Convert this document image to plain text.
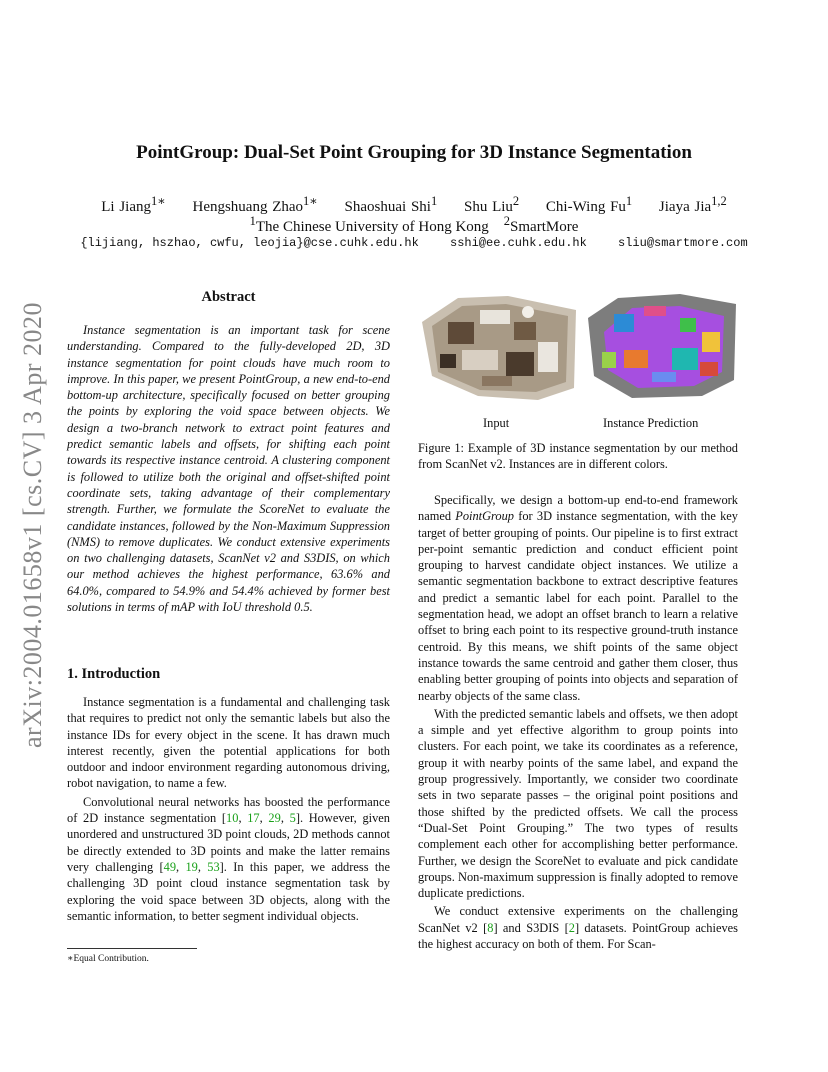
PointGroup: Dual-Set Point Grouping for 3D Instance Segmentation
Li Jiang$^{1∗}$ Hengshuang Zhao$^{1∗}$ Shaoshuai Shi$^1$ Shu Liu$^2$ Chi-Wing Fu$^1$ Jiaya Jia$^{1,2}$
$^1$The Chinese University of Hong Kong $^2$SmartMore
{lijiang, hszhao, cwfu, leojia}@cse.cuhk.edu.hk	sshi@ee.cuhk.edu.hk	sliu@smartmore.com
arXiv:2004.01658v1 [cs.CV] 3 Apr 2020
Abstract
Instance segmentation is an important task for scene understanding. Compared to the fully-developed 2D, 3D instance segmentation for point clouds have much room to improve. In this paper, we present PointGroup, a new end-to-end bottom-up architecture, specifically focused on better grouping the points by exploring the void space between objects. We design a two-branch network to extract point features and predict semantic labels and offsets, for shifting each point towards its respective instance centroid. A clustering component is followed to utilize both the original and offset-shifted point coordinate sets, taking advantage of their complementary strength. Further, we formulate the ScoreNet to evaluate the candidate instances, followed by the Non-Maximum Suppression (NMS) to remove duplicates. We conduct extensive experiments on two challenging datasets, ScanNet v2 and S3DIS, on which our method achieves the highest performance, 63.6% and 64.0%, compared to 54.9% and 54.4% achieved by former best solutions in terms of mAP with IoU threshold 0.5.
1. Introduction

Instance segmentation is a fundamental and challenging task that requires to predict not only the semantic labels but also the instance IDs for every object in the scene. It has drawn much interest recently, given the potential applications for both outdoor and indoor environment regarding autonomous driving, robot navigation, to name a few.

Convolutional neural networks has boosted the performance of 2D instance segmentation [10, 17, 29, 5]. However, given unordered and unstructured 3D point clouds, 2D methods cannot be directly extended to 3D points and make the latter remains very challenging [49, 19, 53]. In this paper, we address the challenging 3D point cloud instance segmentation task by exploring the void space between 3D objects, along with the semantic information, to better segment individual objects.

∗Equal Contribution.
Input	Instance Prediction
Figure 1: Example of 3D instance segmentation by our method from ScanNet v2. Instances are in different colors.

Specifically, we design a bottom-up end-to-end framework named PointGroup for 3D instance segmentation, with the key target of better grouping of points. Our pipeline is to first extract per-point semantic prediction and conduct efficient point grouping to harvest candidate object instances. We utilize a semantic segmentation backbone to extract descriptive features and predict a semantic label for each point. Parallel to the segmentation head, we adopt an offset branch to learn a relative offset to bring each point to its respective ground-truth instance centroid. By this means, we shift points of the same object instance towards the same centroid and gather them closer, thus enabling better grouping of points into objects and separation of nearby objects of the same class.

With the predicted semantic labels and offsets, we then adopt a simple and yet effective algorithm to group points into clusters. For each point, we take its coordinates as a reference, group it with nearby points of the same label, and expand the group progressively. Importantly, we consider two coordinate sets in two separate passes – the original point positions and those shifted by the predicted offsets. We call the process “Dual-Set Point Grouping.” The two types of results complement each other for accomplishing better performance. Further, we design the ScoreNet to evaluate and pick candidate groups. Non-maximum suppression is finally adopted to remove duplicate predictions.

We conduct extensive experiments on the challenging ScanNet v2 [8] and S3DIS [2] datasets. PointGroup achieves the highest accuracy on both of them. For Scan-
